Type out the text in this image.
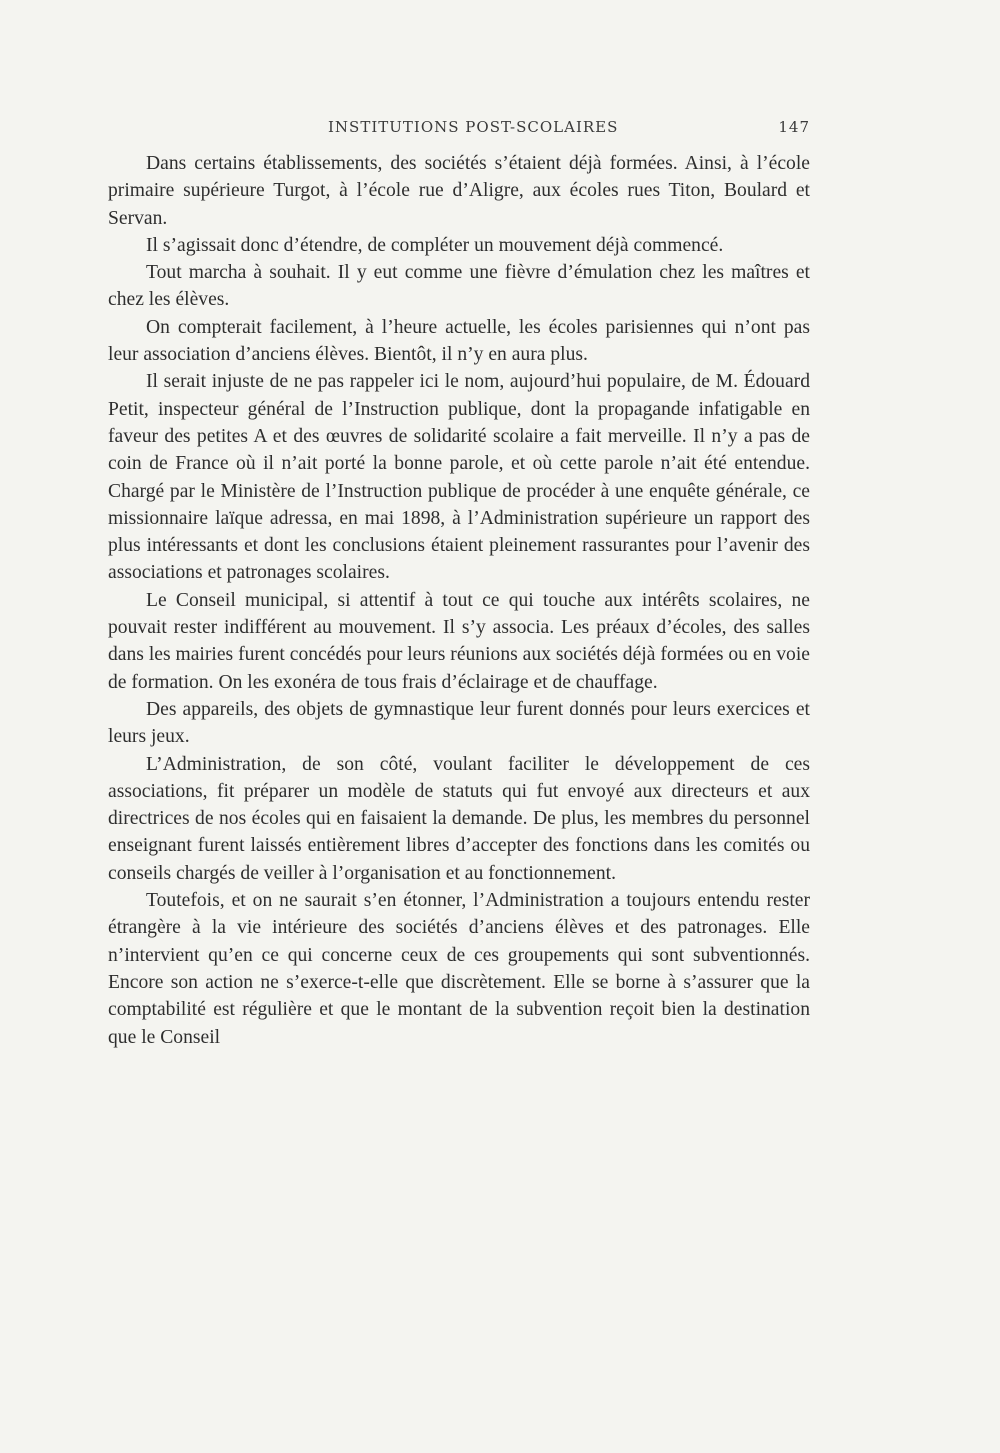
INSTITUTIONS POST-SCOLAIRES	147

Dans certains établissements, des sociétés s’étaient déjà formées. Ainsi, à l’école primaire supérieure Turgot, à l’école rue d’Aligre, aux écoles rues Titon, Boulard et Servan.

Il s’agissait donc d’étendre, de compléter un mouvement déjà commencé.

Tout marcha à souhait. Il y eut comme une fièvre d’émulation chez les maîtres et chez les élèves.

On compterait facilement, à l’heure actuelle, les écoles parisiennes qui n’ont pas leur association d’anciens élèves. Bientôt, il n’y en aura plus.

Il serait injuste de ne pas rappeler ici le nom, aujourd’hui populaire, de M. Édouard Petit, inspecteur général de l’Instruction publique, dont la propagande infatigable en faveur des petites A et des œuvres de solidarité scolaire a fait merveille. Il n’y a pas de coin de France où il n’ait porté la bonne parole, et où cette parole n’ait été entendue. Chargé par le Ministère de l’Instruction publique de procéder à une enquête générale, ce missionnaire laïque adressa, en mai 1898, à l’Administration supérieure un rapport des plus intéressants et dont les conclusions étaient pleinement rassurantes pour l’avenir des associations et patronages scolaires.

Le Conseil municipal, si attentif à tout ce qui touche aux intérêts scolaires, ne pouvait rester indifférent au mouvement. Il s’y associa. Les préaux d’écoles, des salles dans les mairies furent concédés pour leurs réunions aux sociétés déjà formées ou en voie de formation. On les exonéra de tous frais d’éclairage et de chauffage.

Des appareils, des objets de gymnastique leur furent donnés pour leurs exercices et leurs jeux.

L’Administration, de son côté, voulant faciliter le développement de ces associations, fit préparer un modèle de statuts qui fut envoyé aux directeurs et aux directrices de nos écoles qui en faisaient la demande. De plus, les membres du personnel enseignant furent laissés entièrement libres d’accepter des fonctions dans les comités ou conseils chargés de veiller à l’organisation et au fonctionnement.

Toutefois, et on ne saurait s’en étonner, l’Administration a toujours entendu rester étrangère à la vie intérieure des sociétés d’anciens élèves et des patronages. Elle n’intervient qu’en ce qui concerne ceux de ces groupements qui sont subventionnés. Encore son action ne s’exerce-t-elle que discrètement. Elle se borne à s’assurer que la comptabilité est régulière et que le montant de la subvention reçoit bien la destination que le Conseil
